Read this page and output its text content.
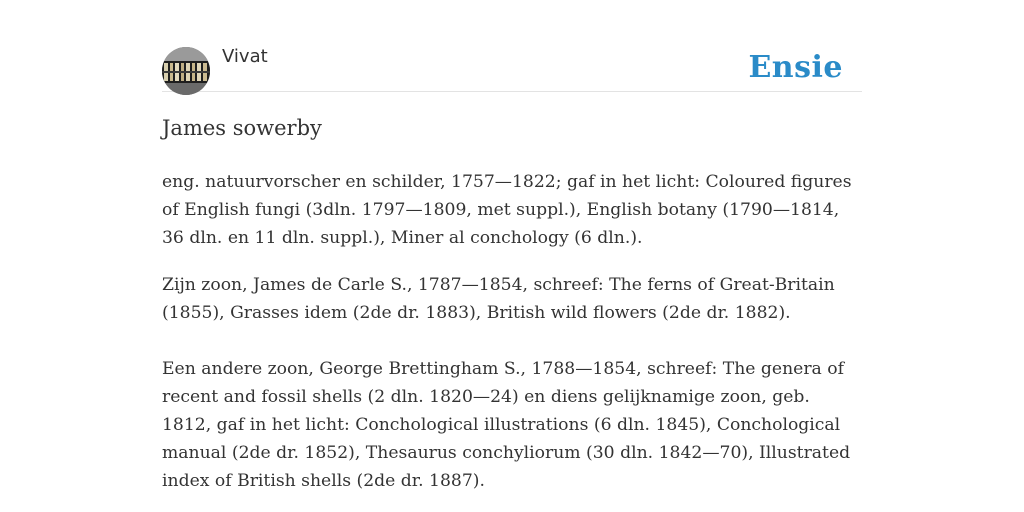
Vivat	Ensie
James sowerby

eng. natuurvorscher en schilder, 1757—1822; gaf in het licht: Coloured figures of English fungi (3dln. 1797—1809, met suppl.), English botany (1790—1814, 36 dln. en 11 dln. suppl.), Miner al conchology (6 dln.).

Zijn zoon, James de Carle S., 1787—1854, schreef: The ferns of Great-Britain (1855), Grasses idem (2de dr. 1883), British wild flowers (2de dr. 1882).

Een andere zoon, George Brettingham S., 1788—1854, schreef: The genera of recent and fossil shells (2 dln. 1820—24) en diens gelijknamige zoon, geb. 1812, gaf in het licht: Conchological illustrations (6 dln. 1845), Conchological manual (2de dr. 1852), Thesaurus conchyliorum (30 dln. 1842—70), Illustrated index of British shells (2de dr. 1887).
